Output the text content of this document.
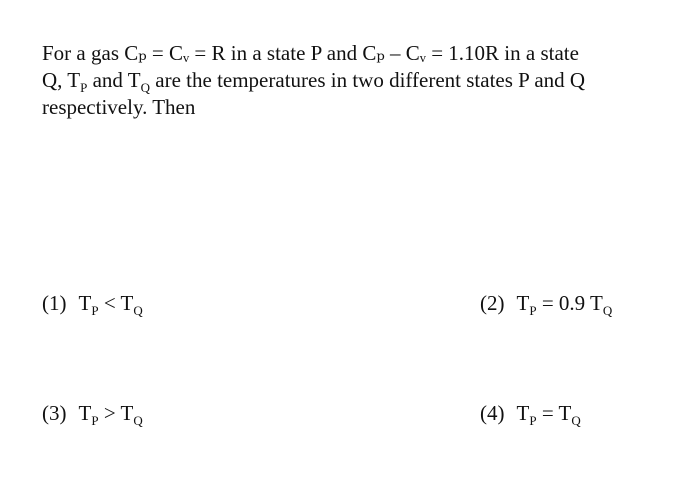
For a gas Cₚ = Cᵥ = R in a state P and Cₚ – Cᵥ = 1.10R in a state
Q, $T_P$ and $T_Q$ are the temperatures in two different states P and Q
respectively. Then
(1) $T_P < T_Q$	(2) $T_P = 0.9$ $T_Q$
(3) $T_P > T_Q$	(4) $T_P = T_Q$
